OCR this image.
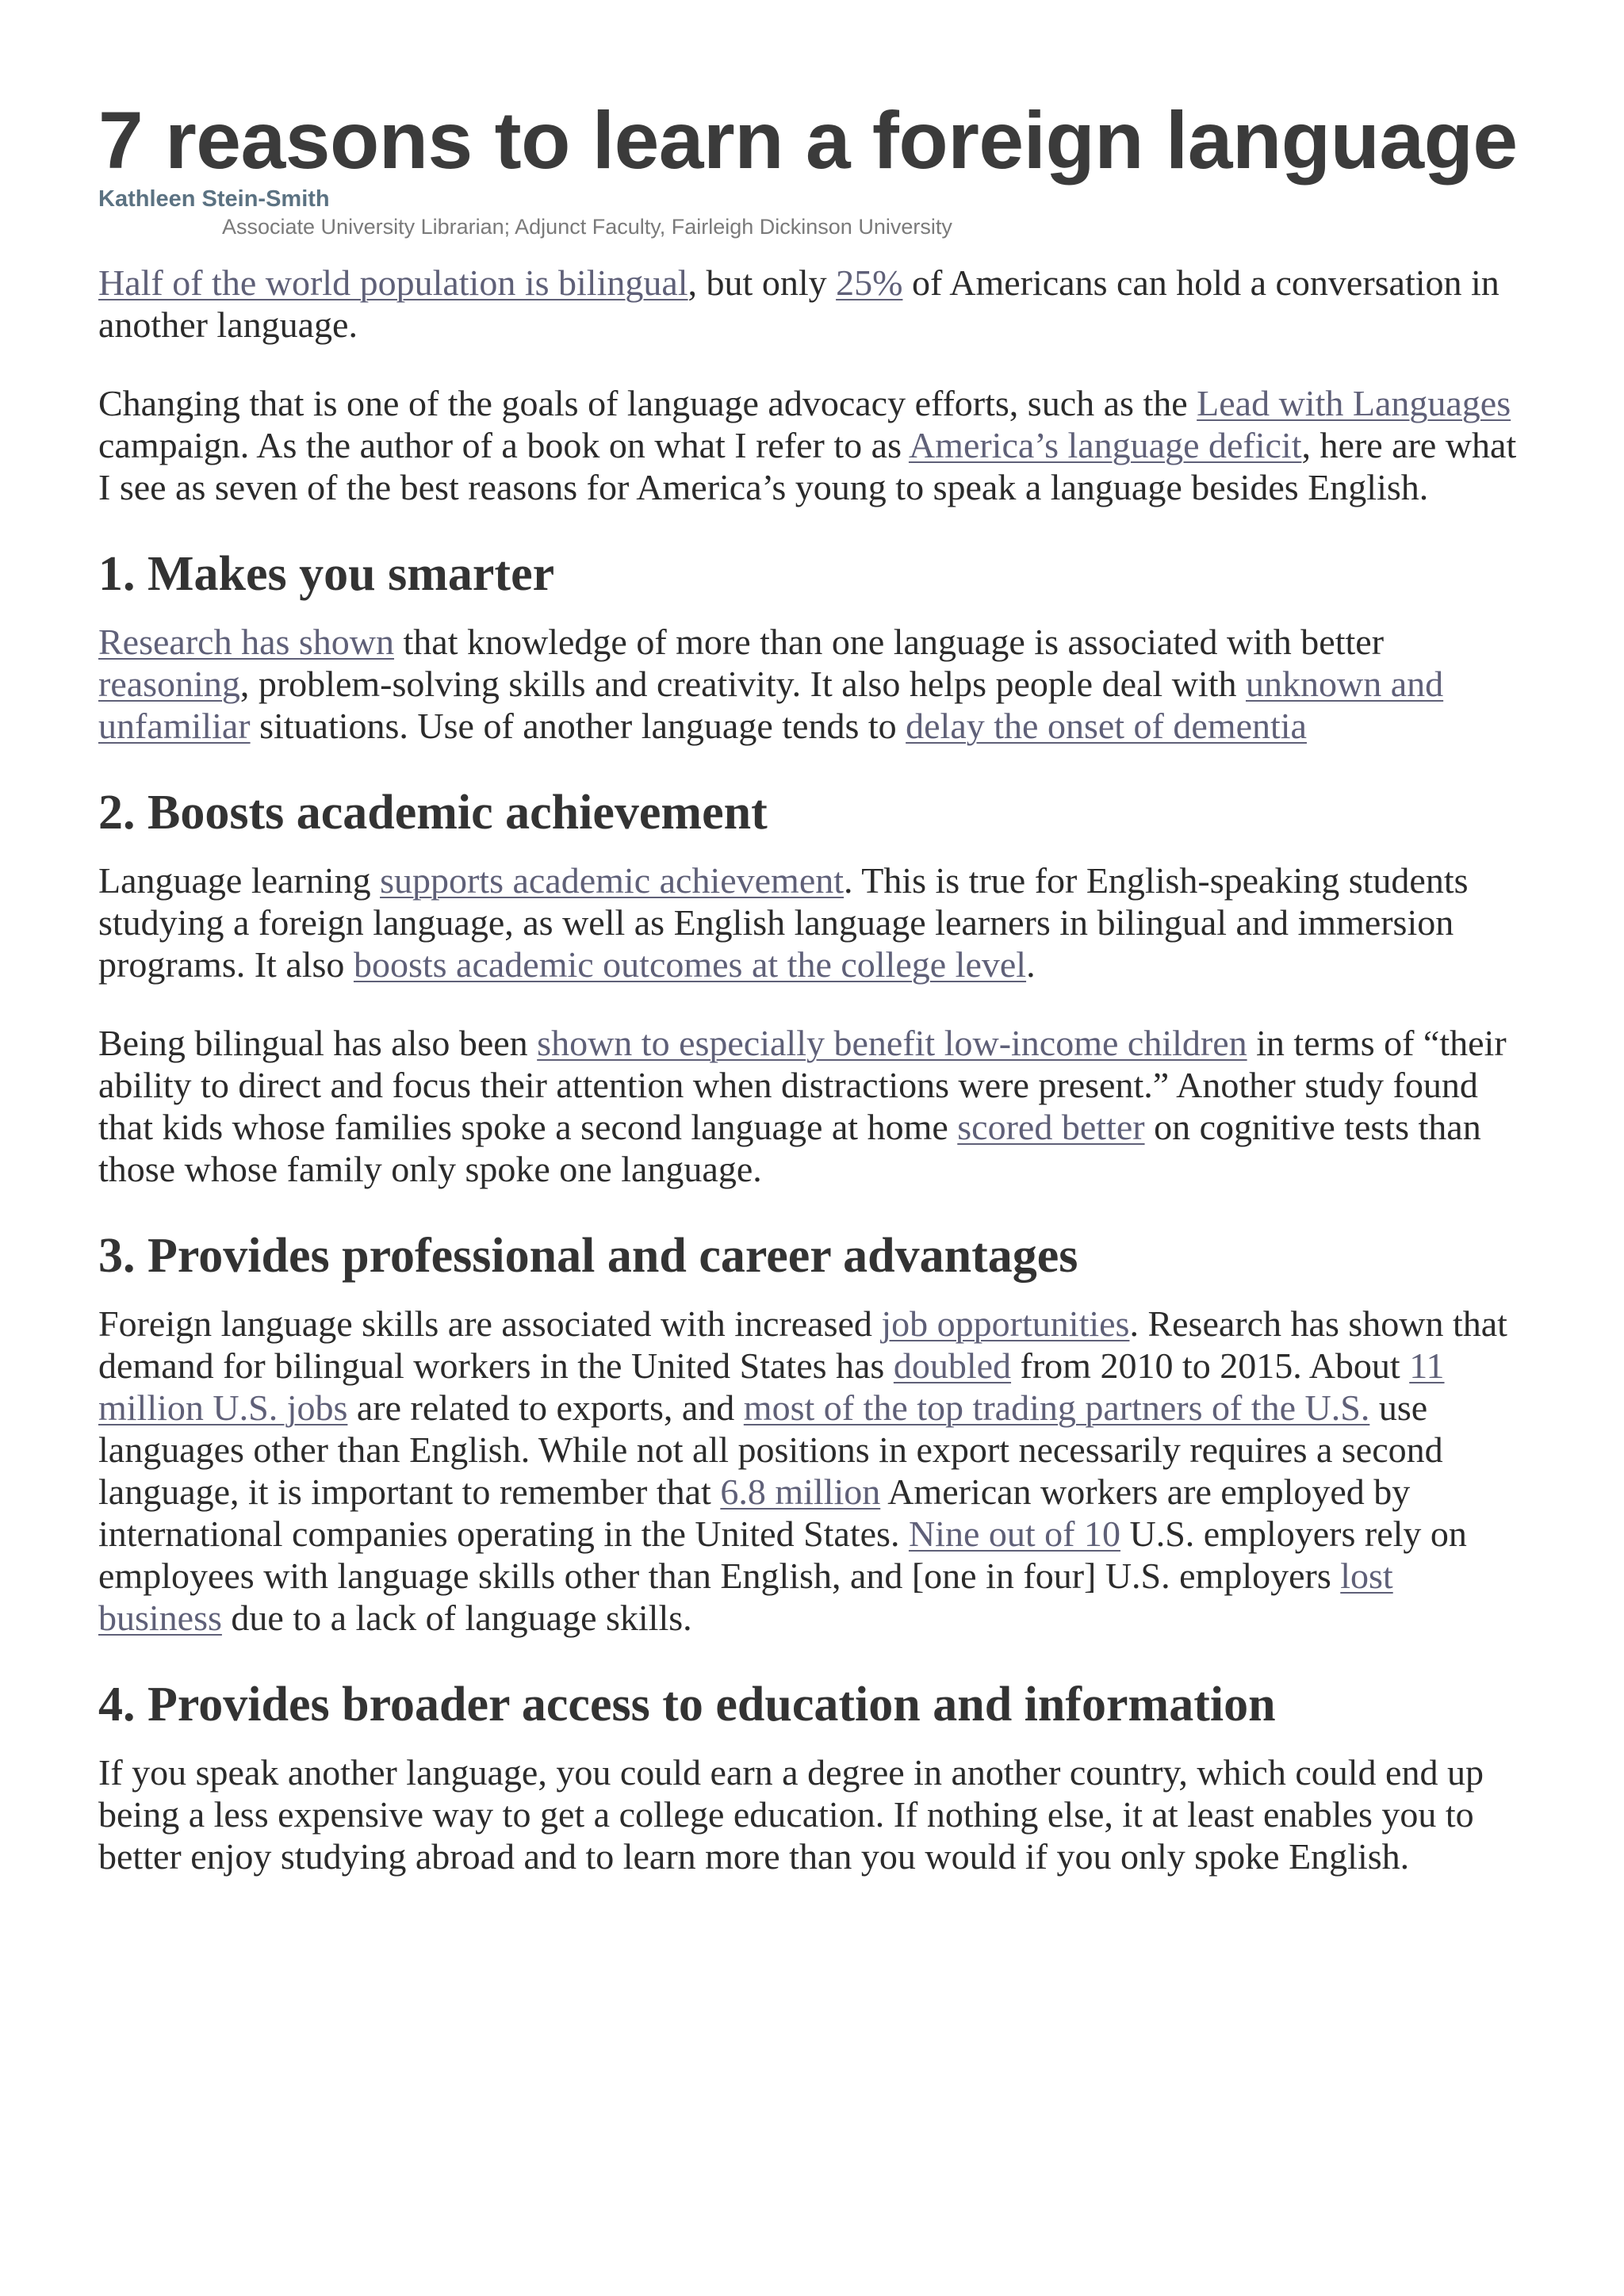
7 reasons to learn a foreign language
Kathleen Stein-Smith
Associate University Librarian; Adjunct Faculty, Fairleigh Dickinson University

Half of the world population is bilingual, but only 25% of Americans can hold a conversation in another language.

Changing that is one of the goals of language advocacy efforts, such as the Lead with Languages campaign. As the author of a book on what I refer to as America’s language deficit, here are what I see as seven of the best reasons for America’s young to speak a language besides English.

1. Makes you smarter

Research has shown that knowledge of more than one language is associated with better reasoning, problem-solving skills and creativity. It also helps people deal with unknown and unfamiliar situations. Use of another language tends to delay the onset of dementia

2. Boosts academic achievement

Language learning supports academic achievement. This is true for English-speaking students studying a foreign language, as well as English language learners in bilingual and immersion programs. It also boosts academic outcomes at the college level.

Being bilingual has also been shown to especially benefit low-income children in terms of “their ability to direct and focus their attention when distractions were present.” Another study found that kids whose families spoke a second language at home scored better on cognitive tests than those whose family only spoke one language.

3. Provides professional and career advantages

Foreign language skills are associated with increased job opportunities. Research has shown that demand for bilingual workers in the United States has doubled from 2010 to 2015. About 11 million U.S. jobs are related to exports, and most of the top trading partners of the U.S. use languages other than English. While not all positions in export necessarily requires a second language, it is important to remember that 6.8 million American workers are employed by international companies operating in the United States. Nine out of 10 U.S. employers rely on employees with language skills other than English, and [one in four] U.S. employers lost business due to a lack of language skills.

4. Provides broader access to education and information

If you speak another language, you could earn a degree in another country, which could end up being a less expensive way to get a college education. If nothing else, it at least enables you to better enjoy studying abroad and to learn more than you would if you only spoke English.
